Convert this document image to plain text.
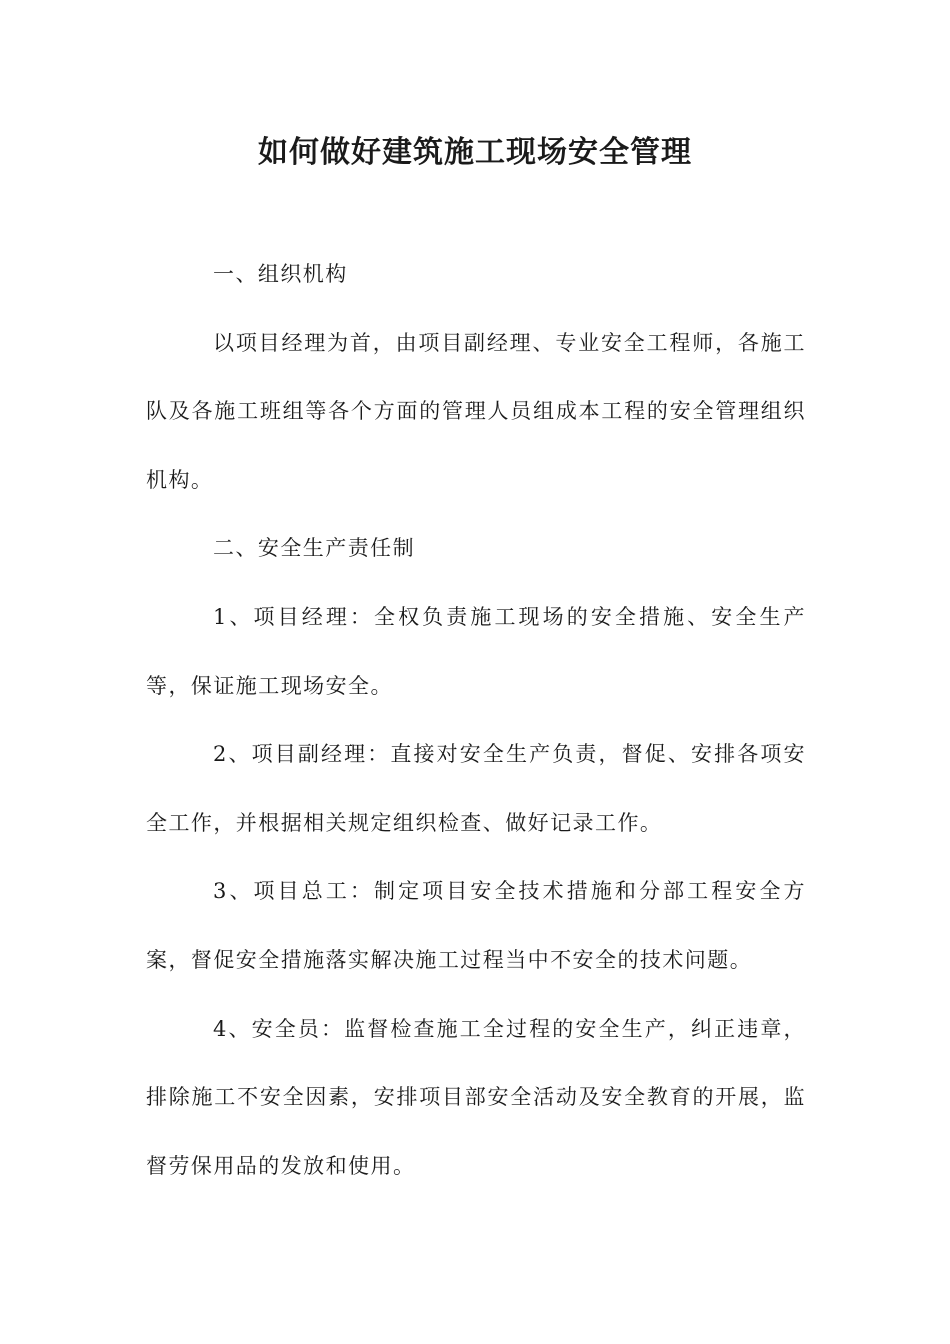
如何做好建筑施工现场安全管理

一、组织机构

以项目经理为首，由项目副经理、专业安全工程师，各施工队及各施工班组等各个方面的管理人员组成本工程的安全管理组织机构。

二、安全生产责任制

1、项目经理：全权负责施工现场的安全措施、安全生产等，保证施工现场安全。

2、项目副经理：直接对安全生产负责，督促、安排各项安全工作，并根据相关规定组织检查、做好记录工作。

3、项目总工：制定项目安全技术措施和分部工程安全方案，督促安全措施落实解决施工过程当中不安全的技术问题。

4、安全员：监督检查施工全过程的安全生产，纠正违章，排除施工不安全因素，安排项目部安全活动及安全教育的开展，监督劳保用品的发放和使用。
